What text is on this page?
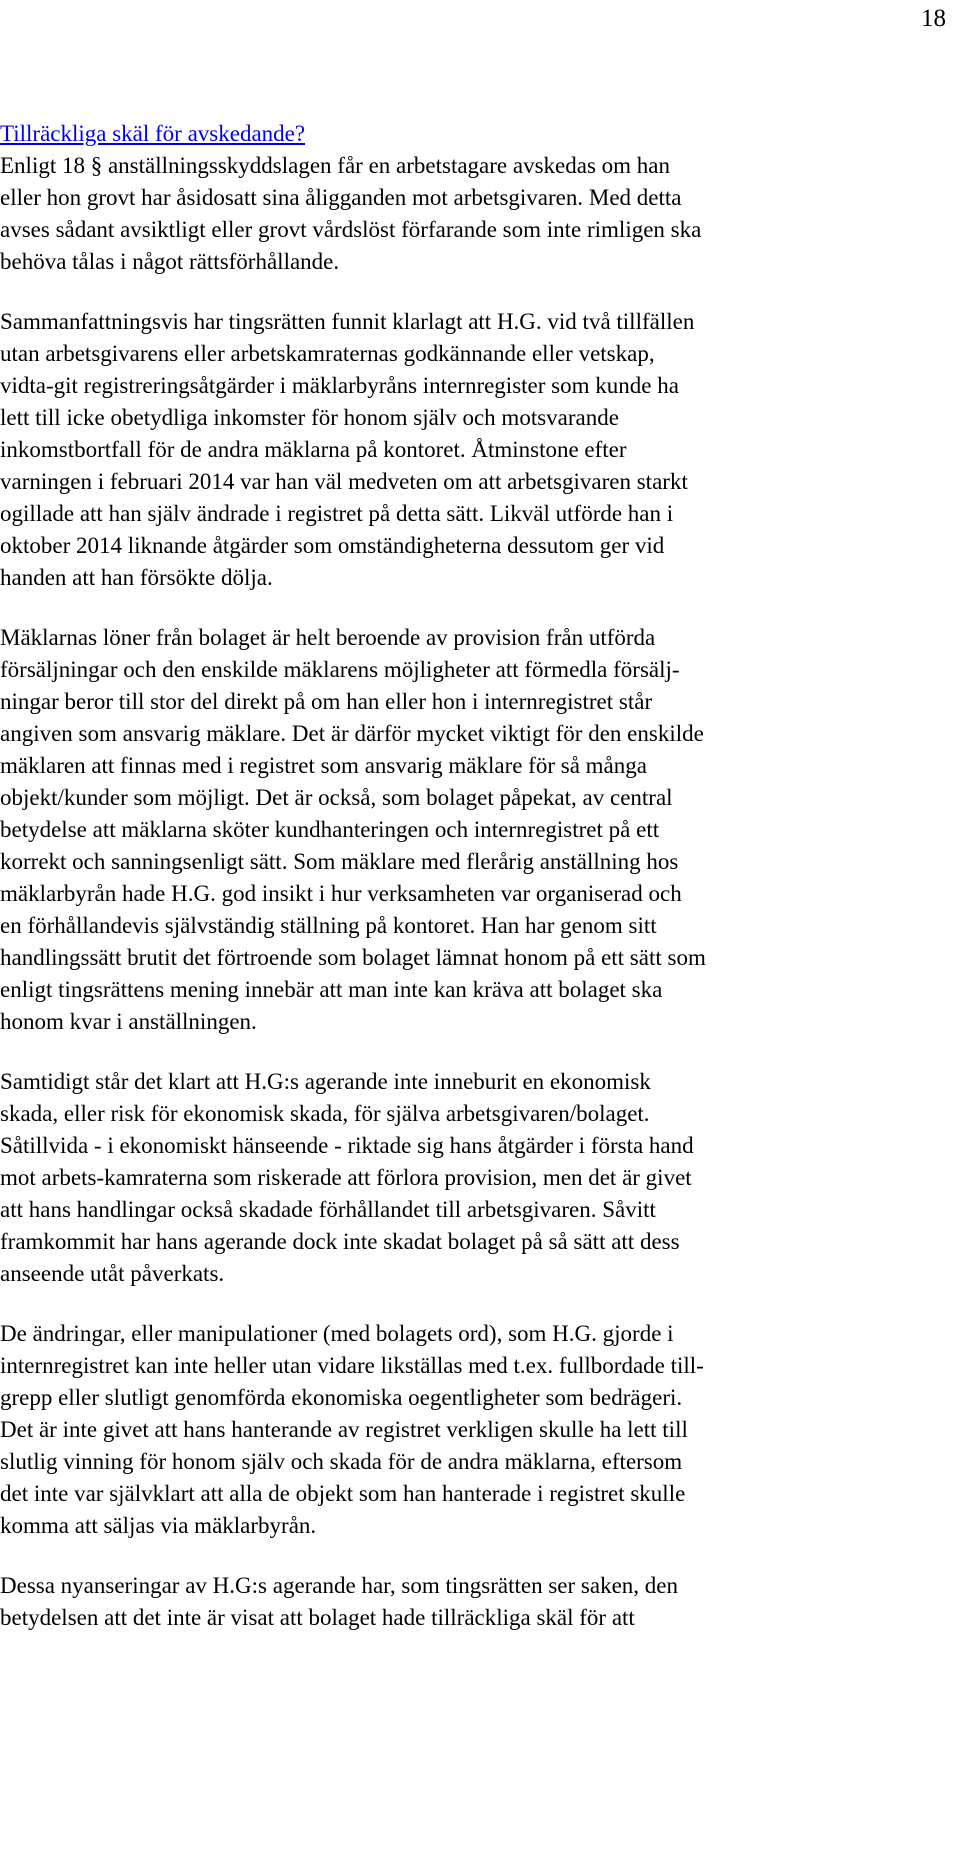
18
Tillräckliga skäl för avskedande?
Enligt 18 § anställningsskyddslagen får en arbetstagare avskedas om han
eller hon grovt har åsidosatt sina åligganden mot arbetsgivaren. Med detta
avses sådant avsiktligt eller grovt vårdslöst förfarande som inte rimligen ska
behöva tålas i något rättsförhållande.
Sammanfattningsvis har tingsrätten funnit klarlagt att H.G. vid två tillfällen
utan arbetsgivarens eller arbetskamraternas godkännande eller vetskap,
vidta-git registreringsåtgärder i mäklarbyråns internregister som kunde ha
lett till icke obetydliga inkomster för honom själv och motsvarande
inkomstbortfall för de andra mäklarna på kontoret. Åtminstone efter
varningen i februari 2014 var han väl medveten om att arbetsgivaren starkt
ogillade att han själv ändrade i registret på detta sätt. Likväl utförde han i
oktober 2014 liknande åtgärder som omständigheterna dessutom ger vid
handen att han försökte dölja.
Mäklarnas löner från bolaget är helt beroende av provision från utförda
försäljningar och den enskilde mäklarens möjligheter att förmedla försälj-
ningar beror till stor del direkt på om han eller hon i internregistret står
angiven som ansvarig mäklare. Det är därför mycket viktigt för den enskilde
mäklaren att finnas med i registret som ansvarig mäklare för så många
objekt/kunder som möjligt. Det är också, som bolaget påpekat, av central
betydelse att mäklarna sköter kundhanteringen och internregistret på ett
korrekt och sanningsenligt sätt. Som mäklare med flerårig anställning hos
mäklarbyrån hade H.G. god insikt i hur verksamheten var organiserad och
en förhållandevis självständig ställning på kontoret. Han har genom sitt
handlingssätt brutit det förtroende som bolaget lämnat honom på ett sätt som
enligt tingsrättens mening innebär att man inte kan kräva att bolaget ska
honom kvar i anställningen.
Samtidigt står det klart att H.G:s agerande inte inneburit en ekonomisk
skada, eller risk för ekonomisk skada, för själva arbetsgivaren/bolaget.
Såtillvida - i ekonomiskt hänseende - riktade sig hans åtgärder i första hand
mot arbets-kamraterna som riskerade att förlora provision, men det är givet
att hans handlingar också skadade förhållandet till arbetsgivaren. Såvitt
framkommit har hans agerande dock inte skadat bolaget på så sätt att dess
anseende utåt påverkats.
De ändringar, eller manipulationer (med bolagets ord), som H.G. gjorde i
internregistret kan inte heller utan vidare likställas med t.ex. fullbordade till-
grepp eller slutligt genomförda ekonomiska oegentligheter som bedrägeri.
Det är inte givet att hans hanterande av registret verkligen skulle ha lett till
slutlig vinning för honom själv och skada för de andra mäklarna, eftersom
det inte var självklart att alla de objekt som han hanterade i registret skulle
komma att säljas via mäklarbyrån.
Dessa nyanseringar av H.G:s agerande har, som tingsrätten ser saken, den
betydelsen att det inte är visat att bolaget hade tillräckliga skäl för att
